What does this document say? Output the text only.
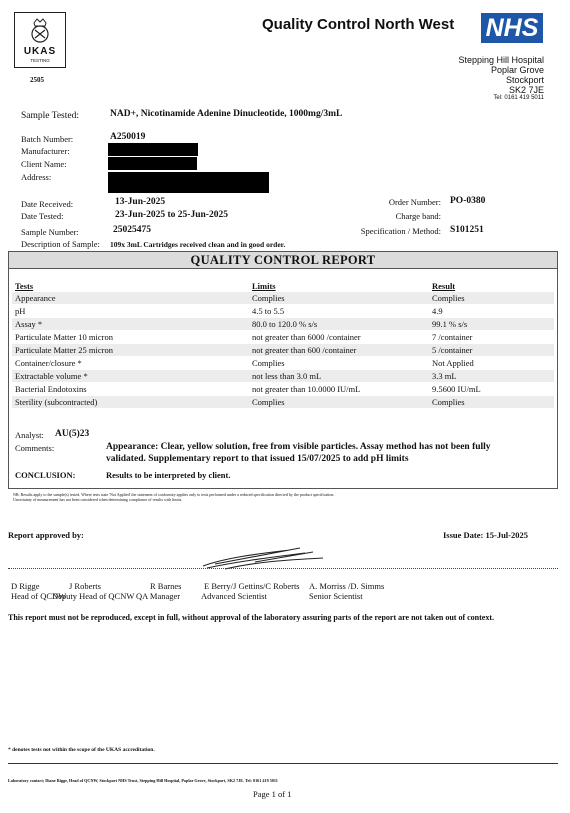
UKAS
TESTING
2505
Quality Control North West NHS
Stepping Hill Hospital
Poplar Grove
Stockport
SK2 7JE
Tel: 0161 419 5011
Sample Tested:	NAD+, Nicotinamide Adenine Dinucleotide, 1000mg/3mL
Batch Number:	A250019
Manufacturer:
Client Name:
Address:
Date Received:	13-Jun-2025
Date Tested:	23-Jun-2025 to 25-Jun-2025
Sample Number:	25025475
Description of Sample: 109x 3mL Cartridges received clean and in good order.
Order Number: PO-0380
Charge band:
Specification / Method: S101251
QUALITY CONTROL REPORT
Tests	Limits	Result
Appearance	Complies	Complies
pH	4.5 to 5.5	4.9
Assay *	80.0 to 120.0 % s/s	99.1 % s/s
Particulate Matter 10 micron	not greater than 6000 /container	7 /container
Particulate Matter 25 micron	not greater than 600 /container	5 /container
Container/closure *	Complies	Not Applied
Extractable volume *	not less than 3.0 mL	3.3 mL
Bacterial Endotoxins	not greater than 10.0000 IU/mL	9.5600 IU/mL
Sterility (subcontracted)	Complies	Complies
Analyst: AU(5)23
Comments:	Appearance: Clear, yellow solution, free from visible particles. Assay method has not been fully validated. Supplementary report to that issued 15/07/2025 to add pH limits
CONCLUSION:	Results to be interpreted by client.
NB: Results apply to the sample(s) tested. Where tests state 'Not Applied' the statement of conformity applies only to tests performed under a reduced specification directed by the product specification.
Uncertainty of measurement has not been considered when determining compliance of results with limits.
Report approved by:	Issue Date: 15-Jul-2025
D Rigge
Head of QCNW
J Roberts
Deputy Head of QCNW
R Barnes
QA Manager
E Berry/J Gettins/C Roberts
Advanced Scientist
A. Morriss /D. Simms
Senior Scientist
This report must not be reproduced, except in full, without approval of the laboratory assuring parts of the report are not taken out of context.
* denotes tests not within the scope of the UKAS accreditation.
Laboratory contact; Diane Rigge, Head of QCNW, Stockport NHS Trust, Stepping Hill Hospital, Poplar Grove, Stockport, SK2 7JE. Tel: 0161 419 5011
Page 1 of 1
